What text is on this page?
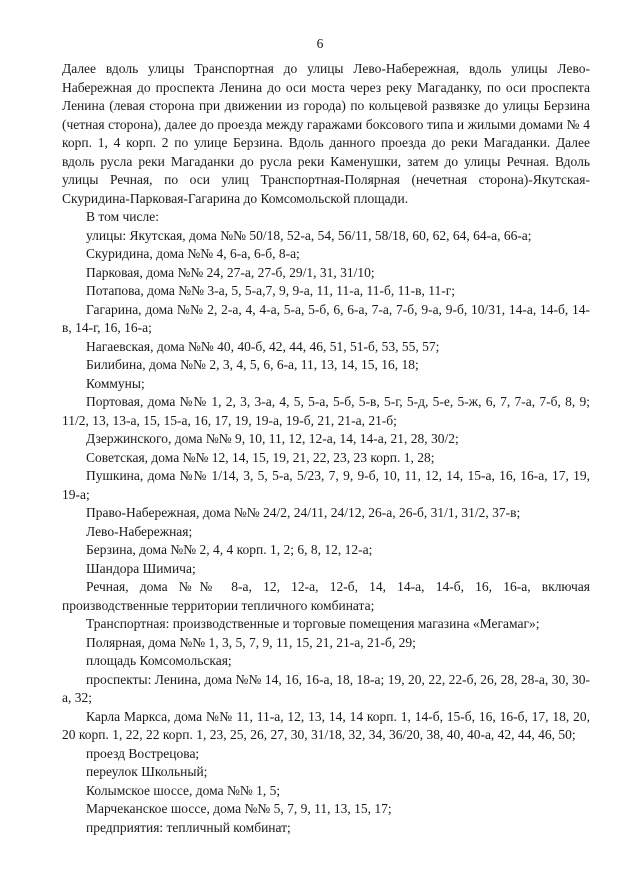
6

Далее вдоль улицы Транспортная до улицы Лево-Набережная, вдоль улицы Лево-Набережная до проспекта Ленина до оси моста через реку Магаданку, по оси проспекта Ленина (левая сторона при движении из города) по кольцевой развязке до улицы Берзина (четная сторона), далее до проезда между гаражами боксового типа и жилыми домами № 4 корп. 1, 4 корп. 2 по улице Берзина. Вдоль данного проезда до реки Магаданки. Далее вдоль русла реки Магаданки до русла реки Каменушки, затем до улицы Речная. Вдоль улицы Речная, по оси улиц Транспортная-Полярная (нечетная сторона)-Якутская-Скуридина-Парковая-Гагарина до Комсомольской площади.

В том числе:

улицы: Якутская, дома №№ 50/18, 52-а, 54, 56/11, 58/18, 60, 62, 64, 64-а, 66-а;

Скуридина, дома №№ 4, 6-а, 6-б, 8-а;

Парковая, дома №№ 24, 27-а, 27-б, 29/1, 31, 31/10;

Потапова, дома №№ 3-а, 5, 5-а,7, 9, 9-а, 11, 11-а, 11-б, 11-в, 11-г;

Гагарина, дома №№ 2, 2-а, 4, 4-а, 5-а, 5-б, 6, 6-а, 7-а, 7-б, 9-а, 9-б, 10/31, 14-а, 14-б, 14-в, 14-г, 16, 16-а;

Нагаевская, дома №№ 40, 40-б, 42, 44, 46, 51, 51-б, 53, 55, 57;

Билибина, дома №№ 2, 3, 4, 5, 6, 6-а, 11, 13, 14, 15, 16, 18;

Коммуны;

Портовая, дома №№ 1, 2, 3, 3-а, 4, 5, 5-а, 5-б, 5-в, 5-г, 5-д, 5-е, 5-ж, 6, 7, 7-а, 7-б, 8, 9; 11/2, 13, 13-а, 15, 15-а, 16, 17, 19, 19-а, 19-б, 21, 21-а, 21-б;

Дзержинского, дома №№ 9, 10, 11, 12, 12-а, 14, 14-а, 21, 28, 30/2;

Советская, дома №№ 12, 14, 15, 19, 21, 22, 23, 23 корп. 1, 28;

Пушкина, дома №№ 1/14, 3, 5, 5-а, 5/23, 7, 9, 9-б, 10, 11, 12, 14, 15-а, 16, 16-а, 17, 19, 19-а;

Право-Набережная, дома №№ 24/2, 24/11, 24/12, 26-а, 26-б, 31/1, 31/2, 37-в;

Лево-Набережная;

Берзина, дома №№ 2, 4, 4 корп. 1, 2; 6, 8, 12, 12-а;

Шандора Шимича;

Речная, дома №№ 8-а, 12, 12-а, 12-б, 14, 14-а, 14-б, 16, 16-а, включая производственные территории тепличного комбината;

Транспортная: производственные и торговые помещения магазина «Мегамаг»;

Полярная, дома №№ 1, 3, 5, 7, 9, 11, 15, 21, 21-а, 21-б, 29;

площадь Комсомольская;

проспекты: Ленина, дома №№ 14, 16, 16-а, 18, 18-а; 19, 20, 22, 22-б, 26, 28, 28-а, 30, 30-а, 32;

Карла Маркса, дома №№ 11, 11-а, 12, 13, 14, 14 корп. 1, 14-б, 15-б, 16, 16-б, 17, 18, 20, 20 корп. 1, 22, 22 корп. 1, 23, 25, 26, 27, 30, 31/18, 32, 34, 36/20, 38, 40, 40-а, 42, 44, 46, 50;

проезд Вострецова;

переулок Школьный;

Колымское шоссе, дома №№ 1, 5;

Марчеканское шоссе, дома №№ 5, 7, 9, 11, 13, 15, 17;

предприятия: тепличный комбинат;
